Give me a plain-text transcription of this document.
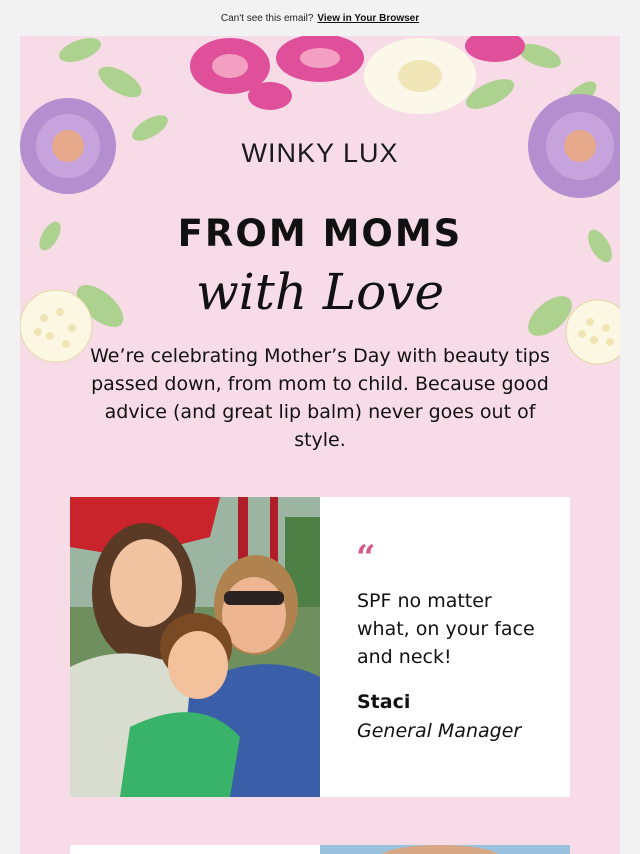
Can't see this email? View in Your Browser
WINKY LUX
FROM MOMS
with Love
We’re celebrating Mother’s Day with beauty tips passed down, from mom to child. Because good advice (and great lip balm) never goes out of style.
“
SPF no matter what, on your face and neck!
Staci
General Manager
